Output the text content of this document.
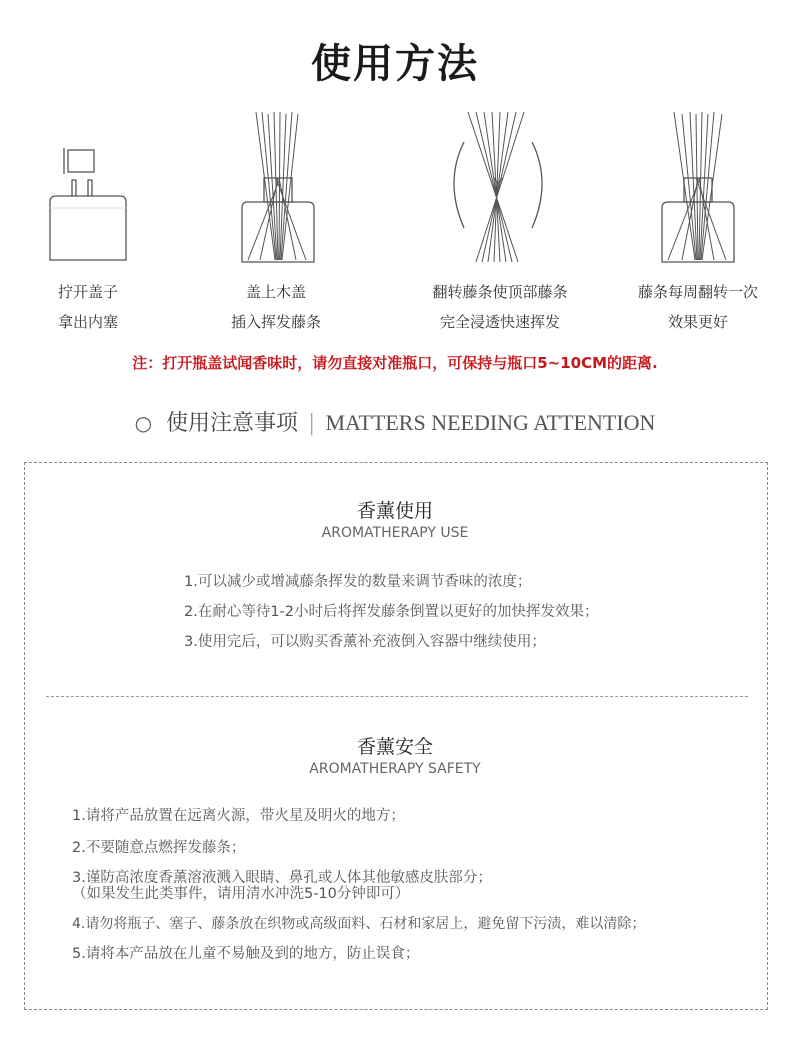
使用方法
拧开盖子
拿出内塞
盖上木盖
插入挥发藤条
翻转藤条使顶部藤条
完全浸透快速挥发
藤条每周翻转一次
效果更好
注：打开瓶盖试闻香味时，请勿直接对准瓶口，可保持与瓶口5~10CM的距离.
○ 使用注意事项 | MATTERS NEEDING ATTENTION
香薰使用
AROMATHERAPY USE
1.可以减少或增减藤条挥发的数量来调节香味的浓度；
2.在耐心等待1-2小时后将挥发藤条倒置以更好的加快挥发效果；
3.使用完后，可以购买香薰补充液倒入容器中继续使用；
香薰安全
AROMATHERAPY SAFETY
1.请将产品放置在远离火源，带火星及明火的地方；
2.不要随意点燃挥发藤条；
3.谨防高浓度香薰溶液溅入眼睛、鼻孔或人体其他敏感皮肤部分；
（如果发生此类事件，请用清水冲洗5-10分钟即可）
4.请勿将瓶子、塞子、藤条放在织物或高级面料、石材和家居上，避免留下污渍，难以清除；
5.请将本产品放在儿童不易触及到的地方，防止误食；
